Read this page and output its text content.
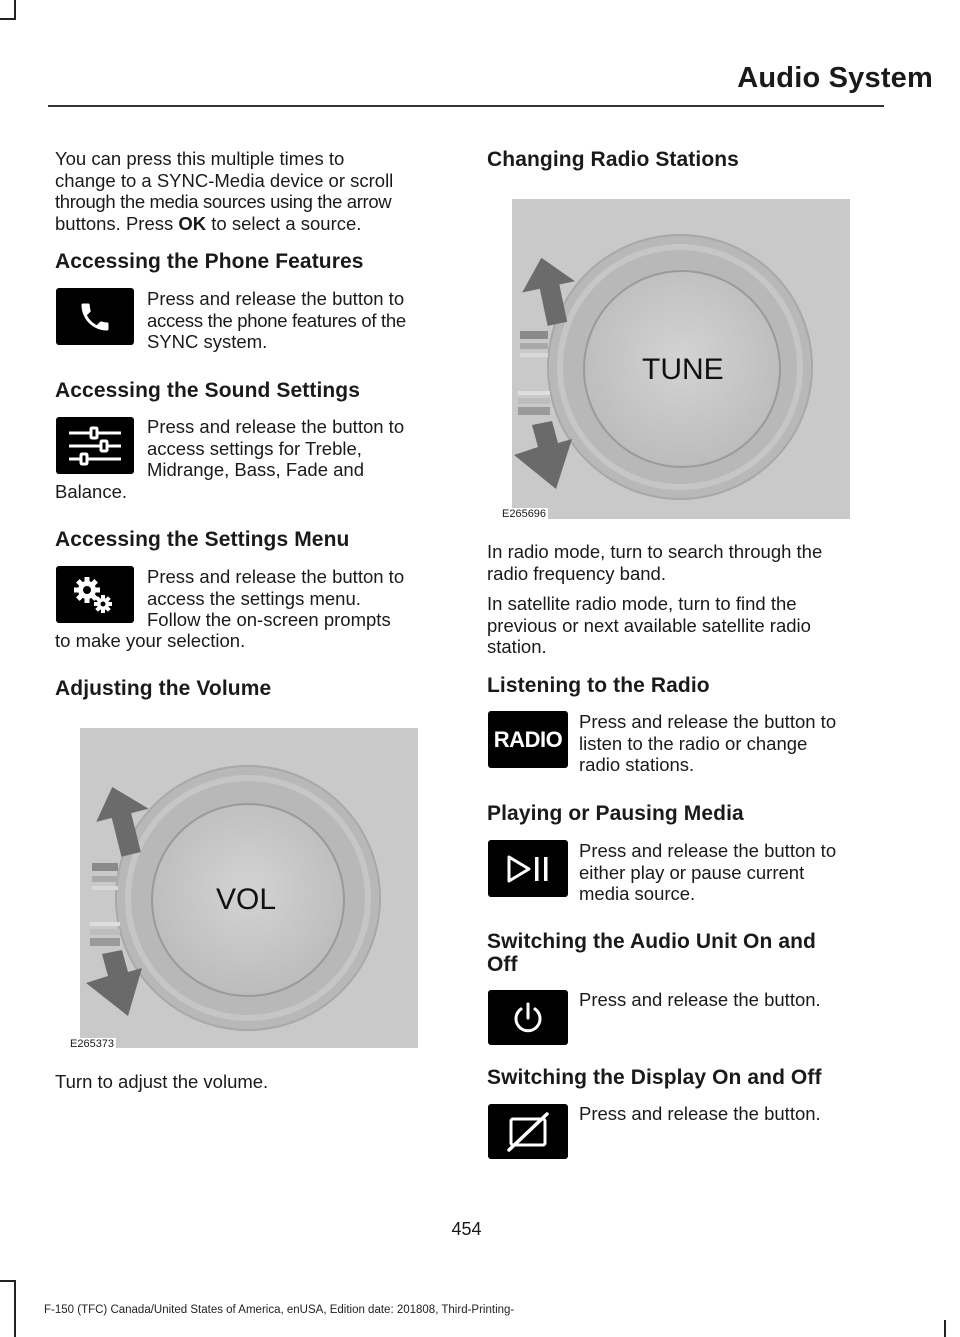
Audio System
You can press this multiple times to
change to a SYNC-Media device or scroll
through the media sources using the arrow
buttons. Press OK to select a source.
Accessing the Phone Features
Press and release the button to
access the phone features of the
SYNC system.
Accessing the Sound Settings
Press and release the button to
access settings for Treble,
Midrange, Bass, Fade and
Balance.
Accessing the Settings Menu
Press and release the button to
access the settings menu.
Follow the on-screen prompts
to make your selection.
Adjusting the Volume
VOL
E265373
Turn to adjust the volume.
Changing Radio Stations
TUNE
E265696
In radio mode, turn to search through the
radio frequency band.
In satellite radio mode, turn to find the
previous or next available satellite radio
station.
Listening to the Radio
RADIO
Press and release the button to
listen to the radio or change
radio stations.
Playing or Pausing Media
Press and release the button to
either play or pause current
media source.
Switching the Audio Unit On and
Off
Press and release the button.
Switching the Display On and Off
Press and release the button.
454
F-150 (TFC) Canada/United States of America, enUSA, Edition date: 201808, Third-Printing-
